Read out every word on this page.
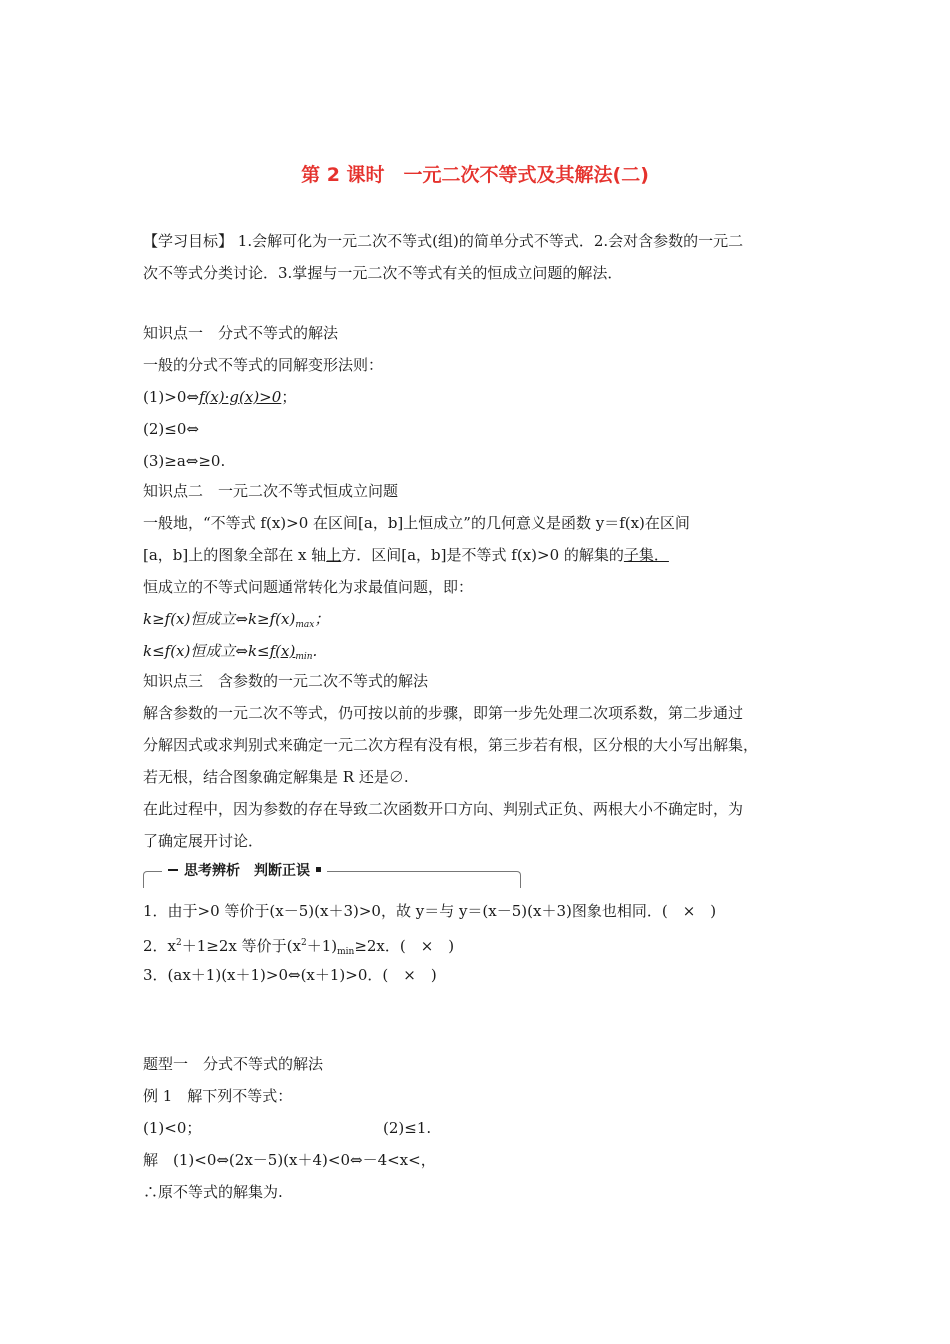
第 2 课时　一元二次不等式及其解法(二)
【学习目标】 1.会解可化为一元二次不等式(组)的简单分式不等式．2.会对含参数的一元二
次不等式分类讨论．3.掌握与一元二次不等式有关的恒成立问题的解法．
知识点一　分式不等式的解法
一般的分式不等式的同解变形法则：
(1)>0⇔f(x)·g(x)>0；
(2)≤0⇔
(3)≥a⇔≥0.
知识点二　一元二次不等式恒成立问题
一般地，“不等式 f(x)>0 在区间[a，b]上恒成立”的几何意义是函数 y＝f(x)在区间
[a，b]上的图象全部在 x 轴上方．区间[a，b]是不等式 f(x)>0 的解集的子集．
恒成立的不等式问题通常转化为求最值问题，即：
k≥f(x)恒成立$\Leftrightarrow k\ge f(x)_{max}$；
k≤f(x)恒成立$\Leftrightarrow k\le f(x)_{min}$.
知识点三　含参数的一元二次不等式的解法
解含参数的一元二次不等式，仍可按以前的步骤，即第一步先处理二次项系数，第二步通过
分解因式或求判别式来确定一元二次方程有没有根，第三步若有根，区分根的大小写出解集，
若无根，结合图象确定解集是 R 还是∅.
在此过程中，因为参数的存在导致二次函数开口方向、判别式正负、两根大小不确定时，为
了确定展开讨论．
思考辨析　判断正误
1．由于>0 等价于(x－5)(x＋3)>0，故 y＝与 y＝(x－5)(x＋3)图象也相同．(　×　)
2．$x^2+1\ge 2x$ 等价于$(x^2+1)_{min}\ge 2x$．(　×　)
3．(ax＋1)(x＋1)>0⇔(x＋1)>0．(　×　)
题型一　分式不等式的解法
例 1　解下列不等式：
(1)<0；	(2)≤1.
解　(1)<0⇔(2x－5)(x＋4)<0⇔－4<x<，
∴原不等式的解集为.
